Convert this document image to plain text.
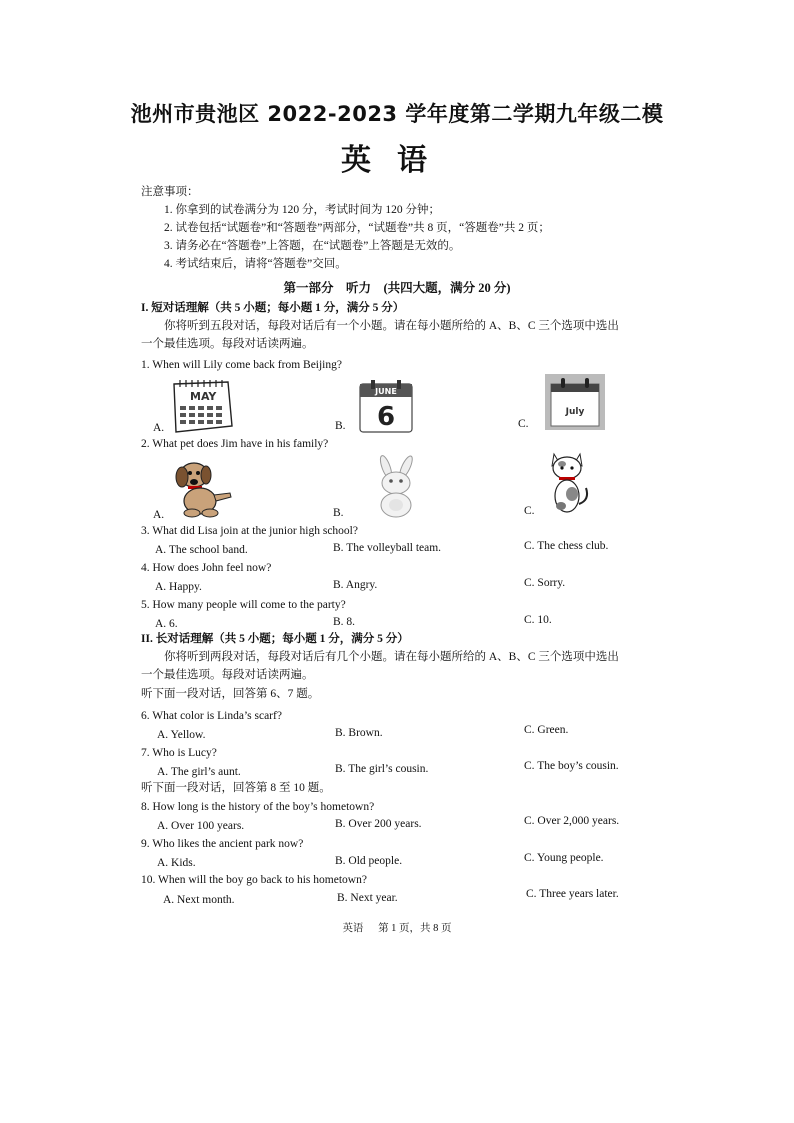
池州市贵池区 2022-2023 学年度第二学期九年级二模
英语
注意事项：
1. 你拿到的试卷满分为 120 分，考试时间为 120 分钟；
2. 试卷包括“试题卷”和“答题卷”两部分，“试题卷”共 8 页，“答题卷”共 2 页；
3. 请务必在“答题卷”上答题，在“试题卷”上答题是无效的。
4. 考试结束后，请将“答题卷”交回。
第一部分　听力　(共四大题，满分 20 分)
I. 短对话理解（共 5 小题；每小题 1 分，满分 5 分）
你将听到五段对话，每段对话后有一个小题。请在每小题所给的 A、B、C 三个选项中选出
一个最佳选项。每段对话读两遍。
1. When will Lily come back from Beijing?
MAY
A.
JUNE
6
B.
July
C.
2. What pet does Jim have in his family?
A.	B.	C.
3. What did Lisa join at the junior high school?
A. The school band.	B. The volleyball team.	C. The chess club.
4. How does John feel now?
A. Happy.	B. Angry.	C. Sorry.
5. How many people will come to the party?
A. 6.	B. 8.	C. 10.
II. 长对话理解（共 5 小题；每小题 1 分，满分 5 分）
你将听到两段对话，每段对话后有几个小题。请在每小题所给的 A、B、C 三个选项中选出
一个最佳选项。每段对话读两遍。
听下面一段对话，回答第 6、7 题。
6. What color is Linda’s scarf?
A. Yellow.	B. Brown.	C. Green.
7. Who is Lucy?
A. The girl’s aunt.	B. The girl’s cousin.	C. The boy’s cousin.
听下面一段对话，回答第 8 至 10 题。
8. How long is the history of the boy’s hometown?
A. Over 100 years.	B. Over 200 years.	C. Over 2,000 years.
9. Who likes the ancient park now?
A. Kids.	B. Old people.	C. Young people.
10. When will the boy go back to his hometown?
A. Next month.	B. Next year.	C. Three years later.
英语 第 1 页，共 8 页
